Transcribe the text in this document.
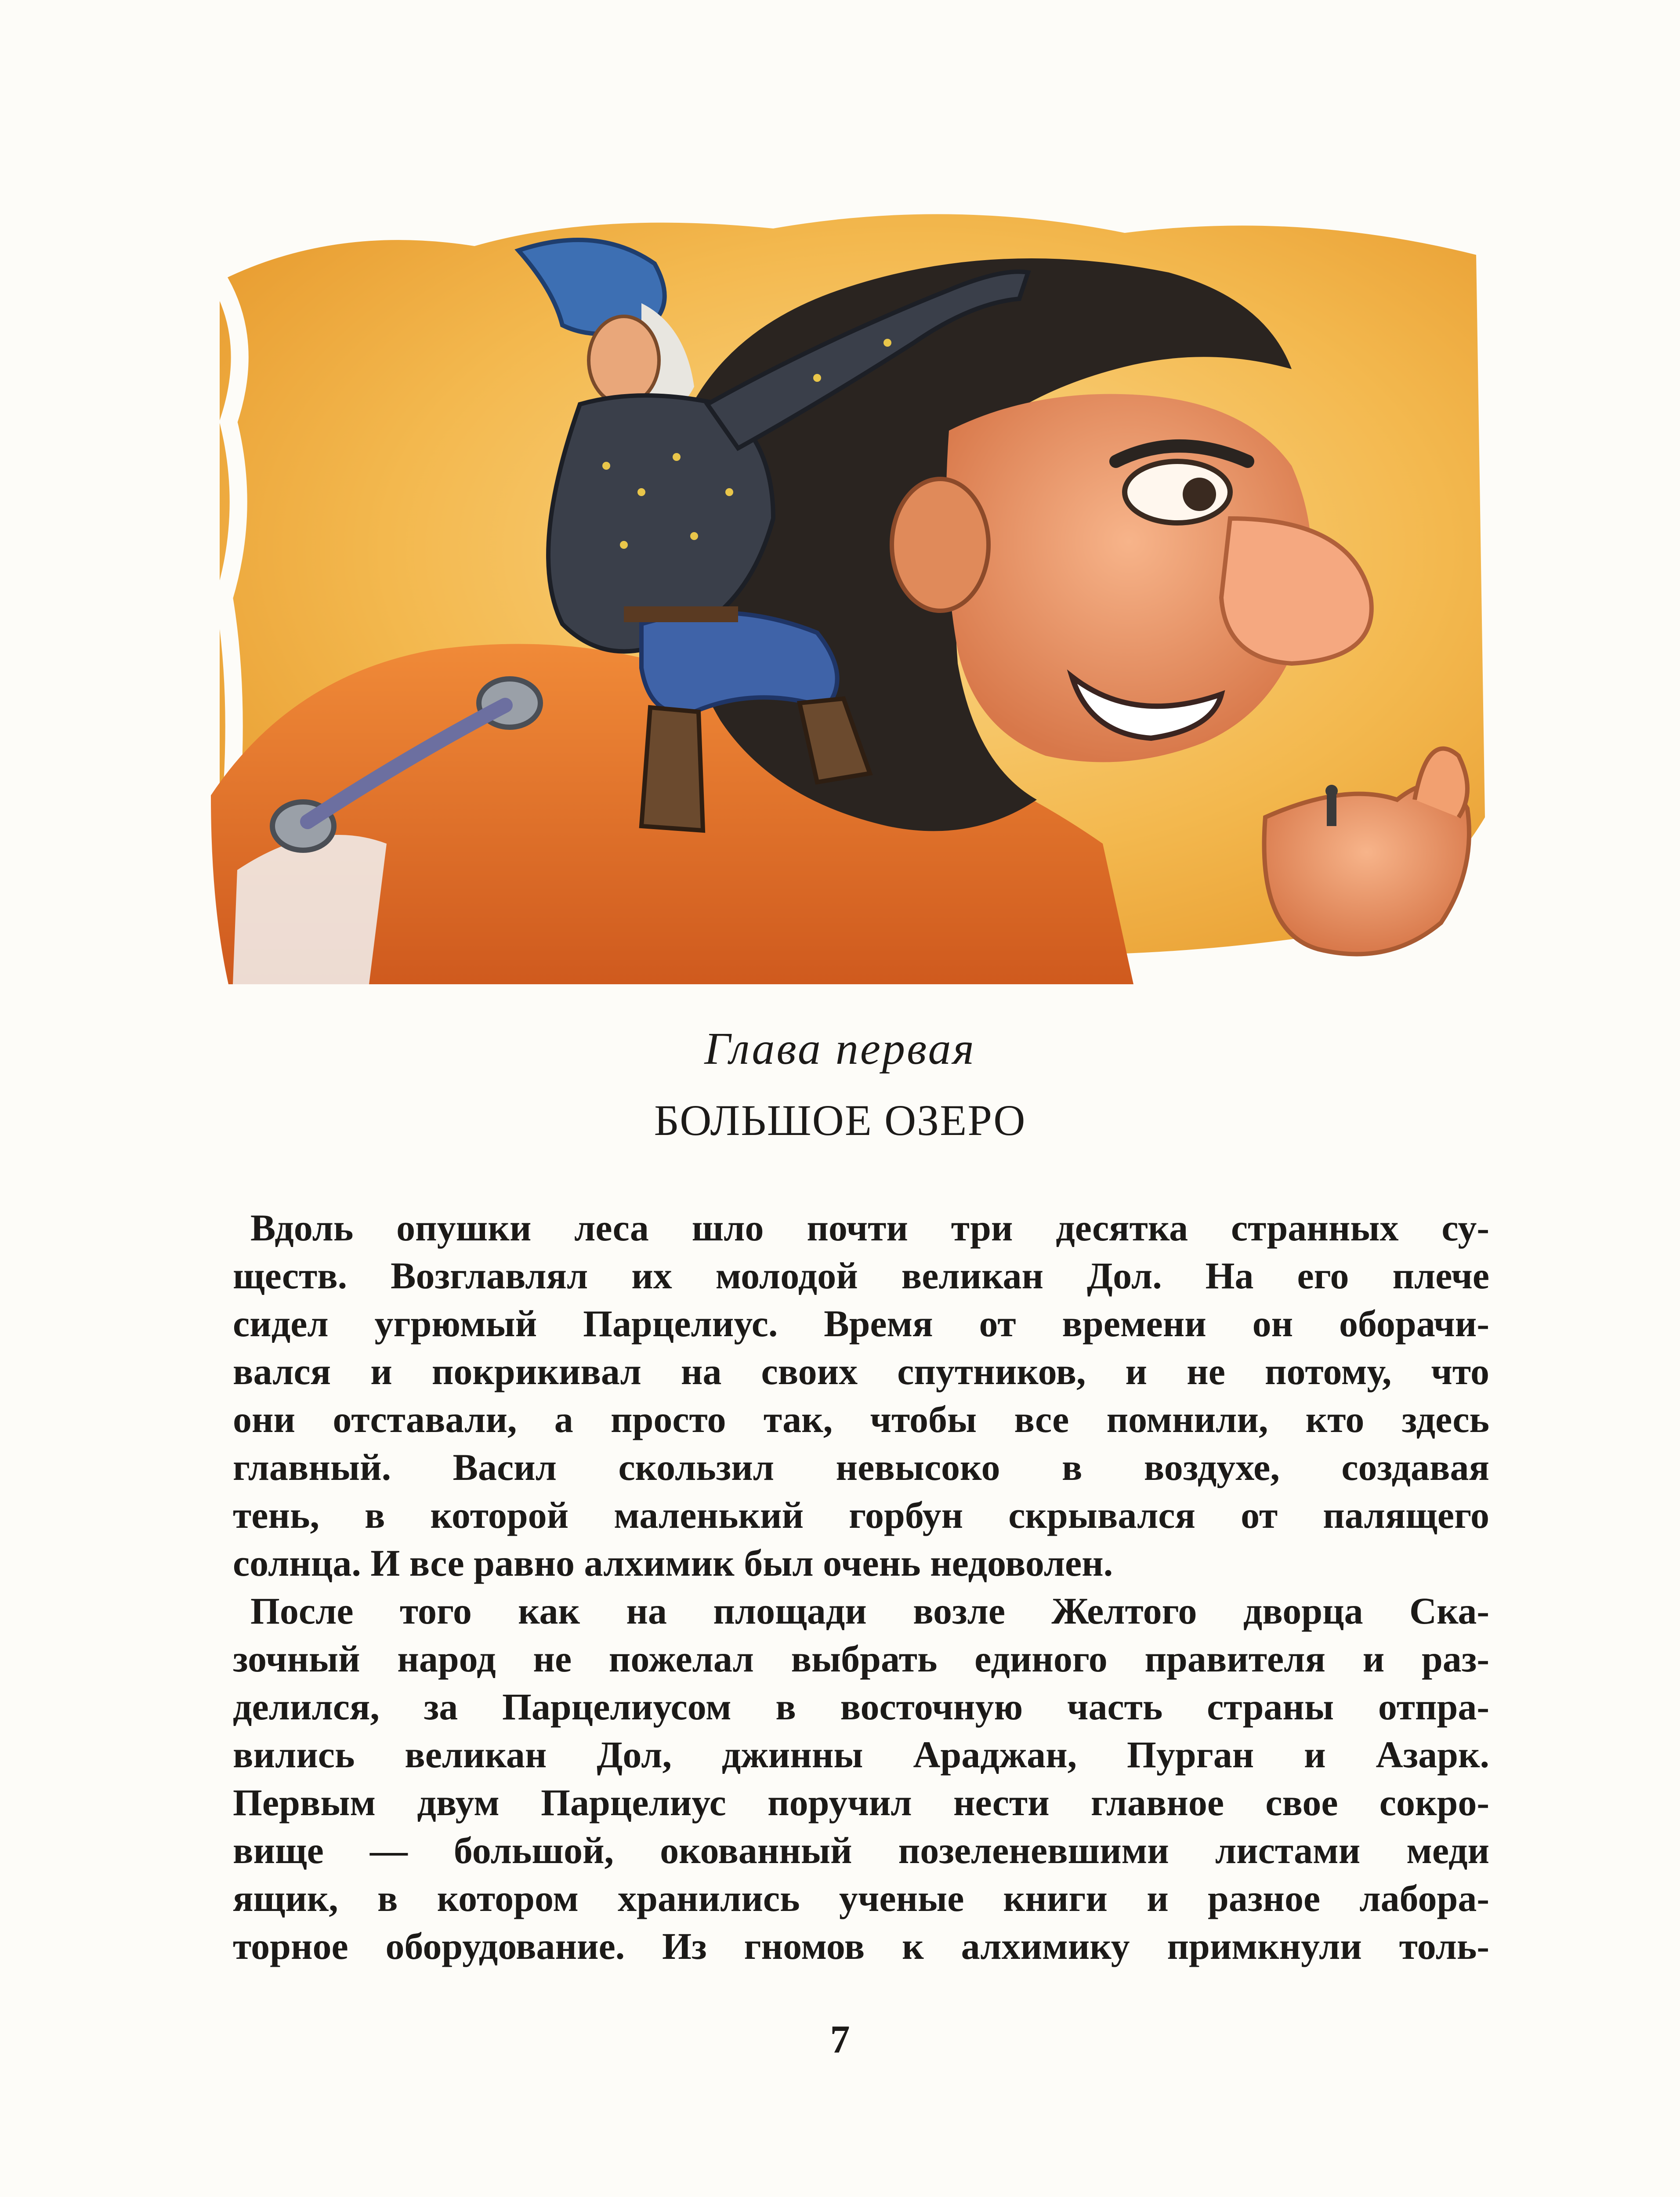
Глава первая
БОЛЬШОЕ ОЗЕРО
Вдоль опушки леса шло почти три десятка странных су-
ществ. Возглавлял их молодой великан Дол. На его плече
сидел угрюмый Парцелиус. Время от времени он оборачи-
вался и покрикивал на своих спутников, и не потому, что
они отставали, а просто так, чтобы все помнили, кто здесь
главный. Васил скользил невысоко в воздухе, создавая
тень, в которой маленький горбун скрывался от палящего
солнца. И все равно алхимик был очень недоволен.
После того как на площади возле Желтого дворца Ска-
зочный народ не пожелал выбрать единого правителя и раз-
делился, за Парцелиусом в восточную часть страны отпра-
вились великан Дол, джинны Араджан, Пурган и Азарк.
Первым двум Парцелиус поручил нести главное свое сокро-
вище — большой, окованный позеленевшими листами меди
ящик, в котором хранились ученые книги и разное лабора-
торное оборудование. Из гномов к алхимику примкнули толь-
7
